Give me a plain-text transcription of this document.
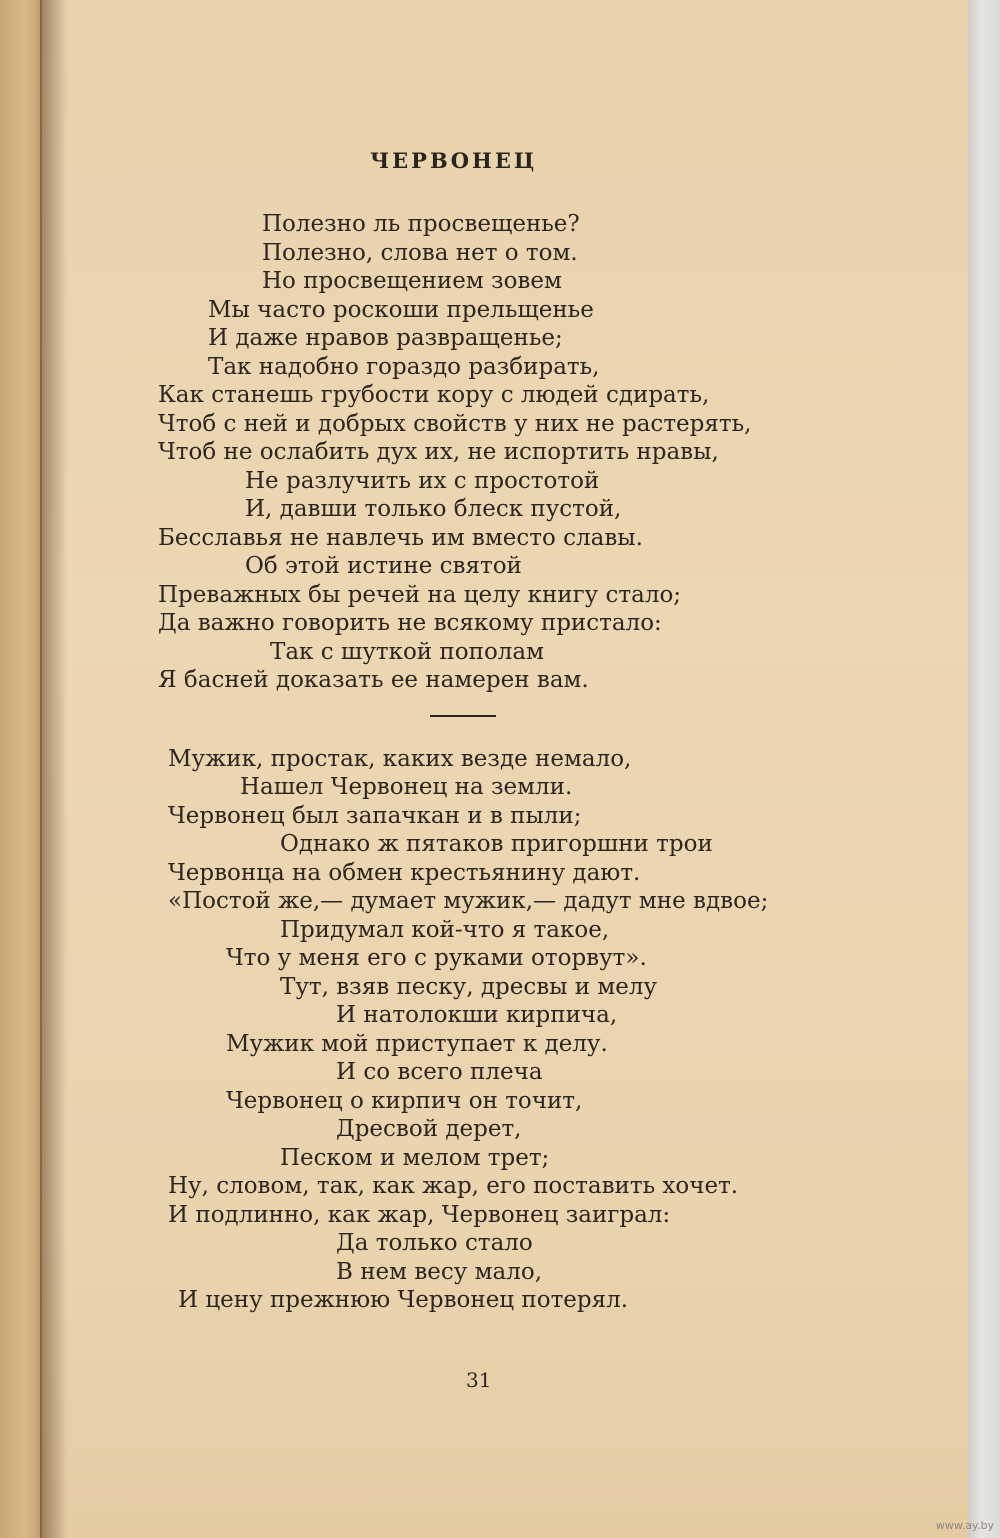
ЧЕРВОНЕЦ
Полезно ль просвещенье?
Полезно, слова нет о том.
Но просвещением зовем
Мы часто роскоши прельщенье
И даже нравов развращенье;
Так надобно гораздо разбирать,
Как станешь грубости кору с людей сдирать,
Чтоб с ней и добрых свойств у них не растерять,
Чтоб не ослабить дух их, не испортить нравы,
Не разлучить их с простотой
И, давши только блеск пустой,
Бесславья не навлечь им вместо славы.
Об этой истине святой
Преважных бы речей на целу книгу стало;
Да важно говорить не всякому пристало:
Так с шуткой пополам
Я басней доказать ее намерен вам.
Мужик, простак, каких везде немало,
Нашел Червонец на земли.
Червонец был запачкан и в пыли;
Однако ж пятаков пригоршни трои
Червонца на обмен крестьянину дают.
«Постой же,— думает мужик,— дадут мне вдвое;
Придумал кой-что я такое,
Что у меня его с руками оторвут».
Тут, взяв песку, дресвы и мелу
И натолокши кирпича,
Мужик мой приступает к делу.
И со всего плеча
Червонец о кирпич он точит,
Дресвой дерет,
Песком и мелом трет;
Ну, словом, так, как жар, его поставить хочет.
И подлинно, как жар, Червонец заиграл:
Да только стало
В нем весу мало,
И цену прежнюю Червонец потерял.
31
www.ay.by
